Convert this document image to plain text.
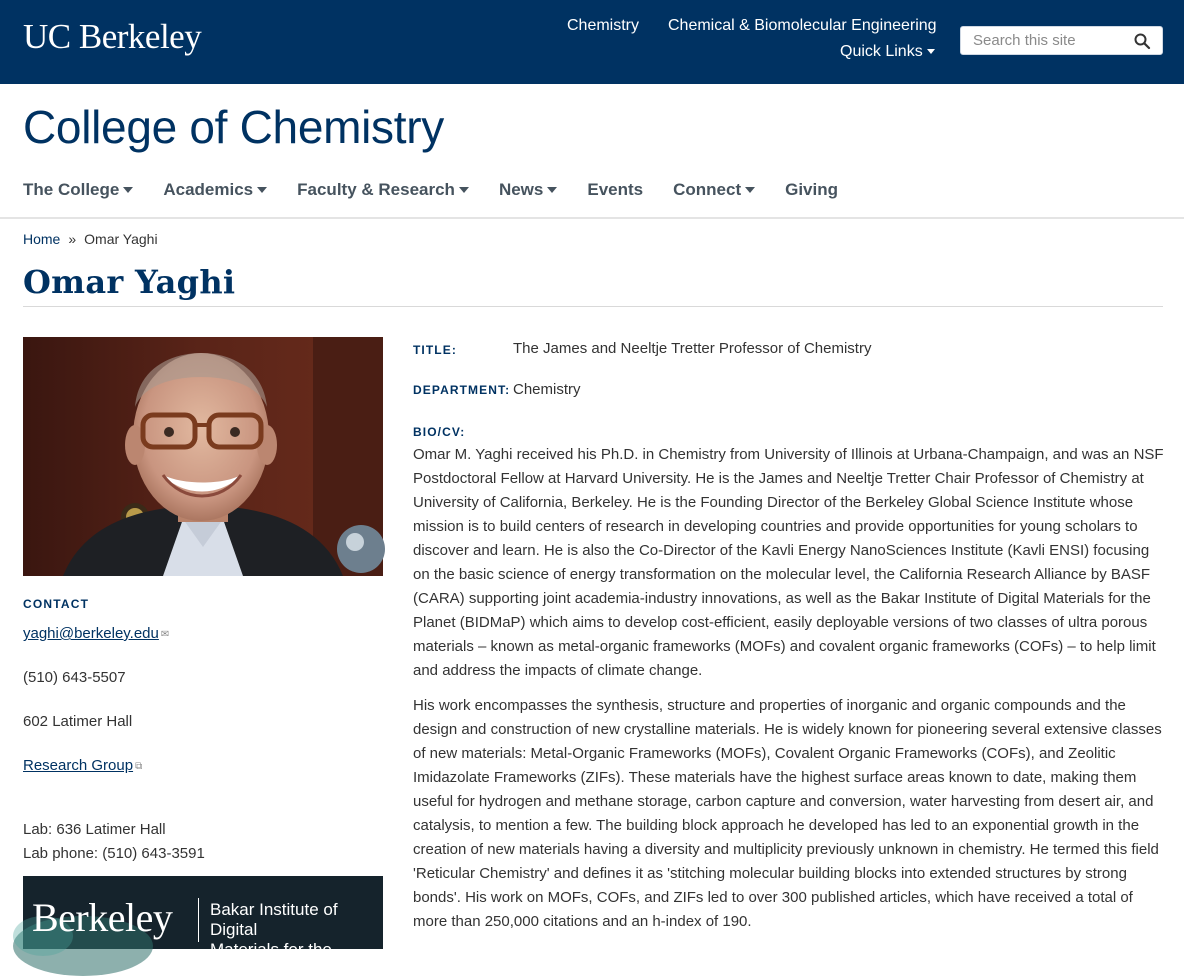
UC Berkeley	Chemistry Chemical & Biomolecular Engineering
Quick Links
Search this site
College of Chemistry
The College	Academics	Faculty & Research	News	Events Connect	Giving
Home » Omar Yaghi
Omar Yaghi
CONTACT
yaghi@berkeley.edu ✉
(510) 643-5507
602 Latimer Hall
Research Group ⧉
Lab: 636 Latimer Hall
Lab phone: (510) 643-3591
Berkeley Bakar Institute of Digital
Materials for the Planet
TITLE:	The James and Neeltje Tretter Professor of Chemistry
DEPARTMENT: Chemistry
BIO/CV:

Omar M. Yaghi received his Ph.D. in Chemistry from University of Illinois at Urbana-Champaign, and was an NSF Postdoctoral Fellow at Harvard University. He is the James and Neeltje Tretter Chair Professor of Chemistry at University of California, Berkeley. He is the Founding Director of the Berkeley Global Science Institute whose mission is to build centers of research in developing countries and provide opportunities for young scholars to discover and learn. He is also the Co-Director of the Kavli Energy NanoSciences Institute (Kavli ENSI) focusing on the basic science of energy transformation on the molecular level, the California Research Alliance by BASF (CARA) supporting joint academia-industry innovations, as well as the Bakar Institute of Digital Materials for the Planet (BIDMaP) which aims to develop cost-efficient, easily deployable versions of two classes of ultra porous materials – known as metal-organic frameworks (MOFs) and covalent organic frameworks (COFs) – to help limit and address the impacts of climate change.

His work encompasses the synthesis, structure and properties of inorganic and organic compounds and the design and construction of new crystalline materials. He is widely known for pioneering several extensive classes of new materials: Metal-Organic Frameworks (MOFs), Covalent Organic Frameworks (COFs), and Zeolitic Imidazolate Frameworks (ZIFs). These materials have the highest surface areas known to date, making them useful for hydrogen and methane storage, carbon capture and conversion, water harvesting from desert air, and catalysis, to mention a few. The building block approach he developed has led to an exponential growth in the creation of new materials having a diversity and multiplicity previously unknown in chemistry. He termed this field 'Reticular Chemistry' and defines it as 'stitching molecular building blocks into extended structures by strong bonds'. His work on MOFs, COFs, and ZIFs led to over 300 published articles, which have received a total of more than 250,000 citations and an h-index of 190.
